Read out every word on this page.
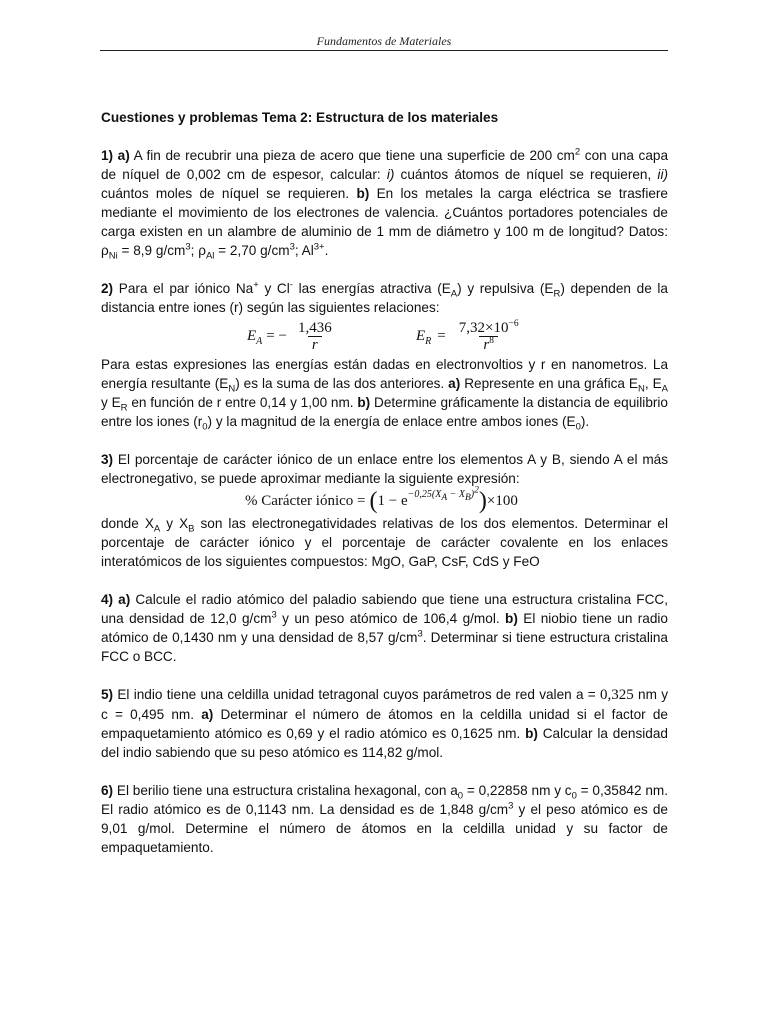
Fundamentos de Materiales

Cuestiones y problemas Tema 2: Estructura de los materiales

1) a) A fin de recubrir una pieza de acero que tiene una superficie de 200 $cm^2$ con una capa de níquel de 0,002 cm de espesor, calcular: i) cuántos átomos de níquel se requieren, ii) cuántos moles de níquel se requieren. b) En los metales la carga eléctrica se trasfiere mediante el movimiento de los electrones de valencia. ¿Cuántos portadores potenciales de carga existen en un alambre de aluminio de 1 mm de diámetro y 100 m de longitud? Datos: $\rho_{Ni} = 8,9$ $g/cm^3$; $\rho_{Al} = 2,70$ $g/cm^3$; $Al^{3+}$.

2) Para el par iónico Na+ y Cl- las energías atractiva $(E_A)$ y repulsiva $(E_R)$ dependen de la distancia entre iones (r) según las siguientes relaciones:

$E_A$ = − $\frac{1,436}{r}$	$E_R = \frac{7,32\times 10^{-6}}{r^8}$

Para estas expresiones las energías están dadas en electronvoltios y r en nanometros. La energía resultante $(E_N)$ es la suma de las dos anteriores. a) Represente en una gráfica $E_N$, $E_A$ y $E_R$ en función de r entre 0,14 y 1,00 nm. b) Determine gráficamente la distancia de equilibrio entre los iones $(r_0)$ y la magnitud de la energía de enlace entre ambos iones $(E_0)$.

3) El porcentaje de carácter iónico de un enlace entre los elementos A y B, siendo A el más electronegativo, se puede aproximar mediante la siguiente expresión:

% Carácter iónico = ( $1 - e -0,25(X_A - X_B)^2$ ) ×100

donde $X_A$ y $X_B$ son las electronegatividades relativas de los dos elementos. Determinar el porcentaje de carácter iónico y el porcentaje de carácter covalente en los enlaces interatómicos de los siguientes compuestos: MgO, GaP, CsF, CdS y FeO

4) a) Calcule el radio atómico del paladio sabiendo que tiene una estructura cristalina FCC, una densidad de 12,0 $g/cm^3$ y un peso atómico de 106,4 g/mol. b) El niobio tiene un radio atómico de 0,1430 nm y una densidad de 8,57 $g/cm^3$. Determinar si tiene estructura cristalina FCC o BCC.

5) El indio tiene una celdilla unidad tetragonal cuyos parámetros de red valen a = 0,325 nm y c = 0,495 nm. a) Determinar el número de átomos en la celdilla unidad si el factor de empaquetamiento atómico es 0,69 y el radio atómico es 0,1625 nm. b) Calcular la densidad del indio sabiendo que su peso atómico es 114,82 g/mol.

6) El berilio tiene una estructura cristalina hexagonal, con $a_0 = 0,22858$ nm y $c_0 = 0,35842$ nm. El radio atómico es de 0,1143 nm. La densidad es de 1,848 $g/cm^3$ y el peso atómico es de 9,01 g/mol. Determine el número de átomos en la celdilla unidad y su factor de empaquetamiento.
